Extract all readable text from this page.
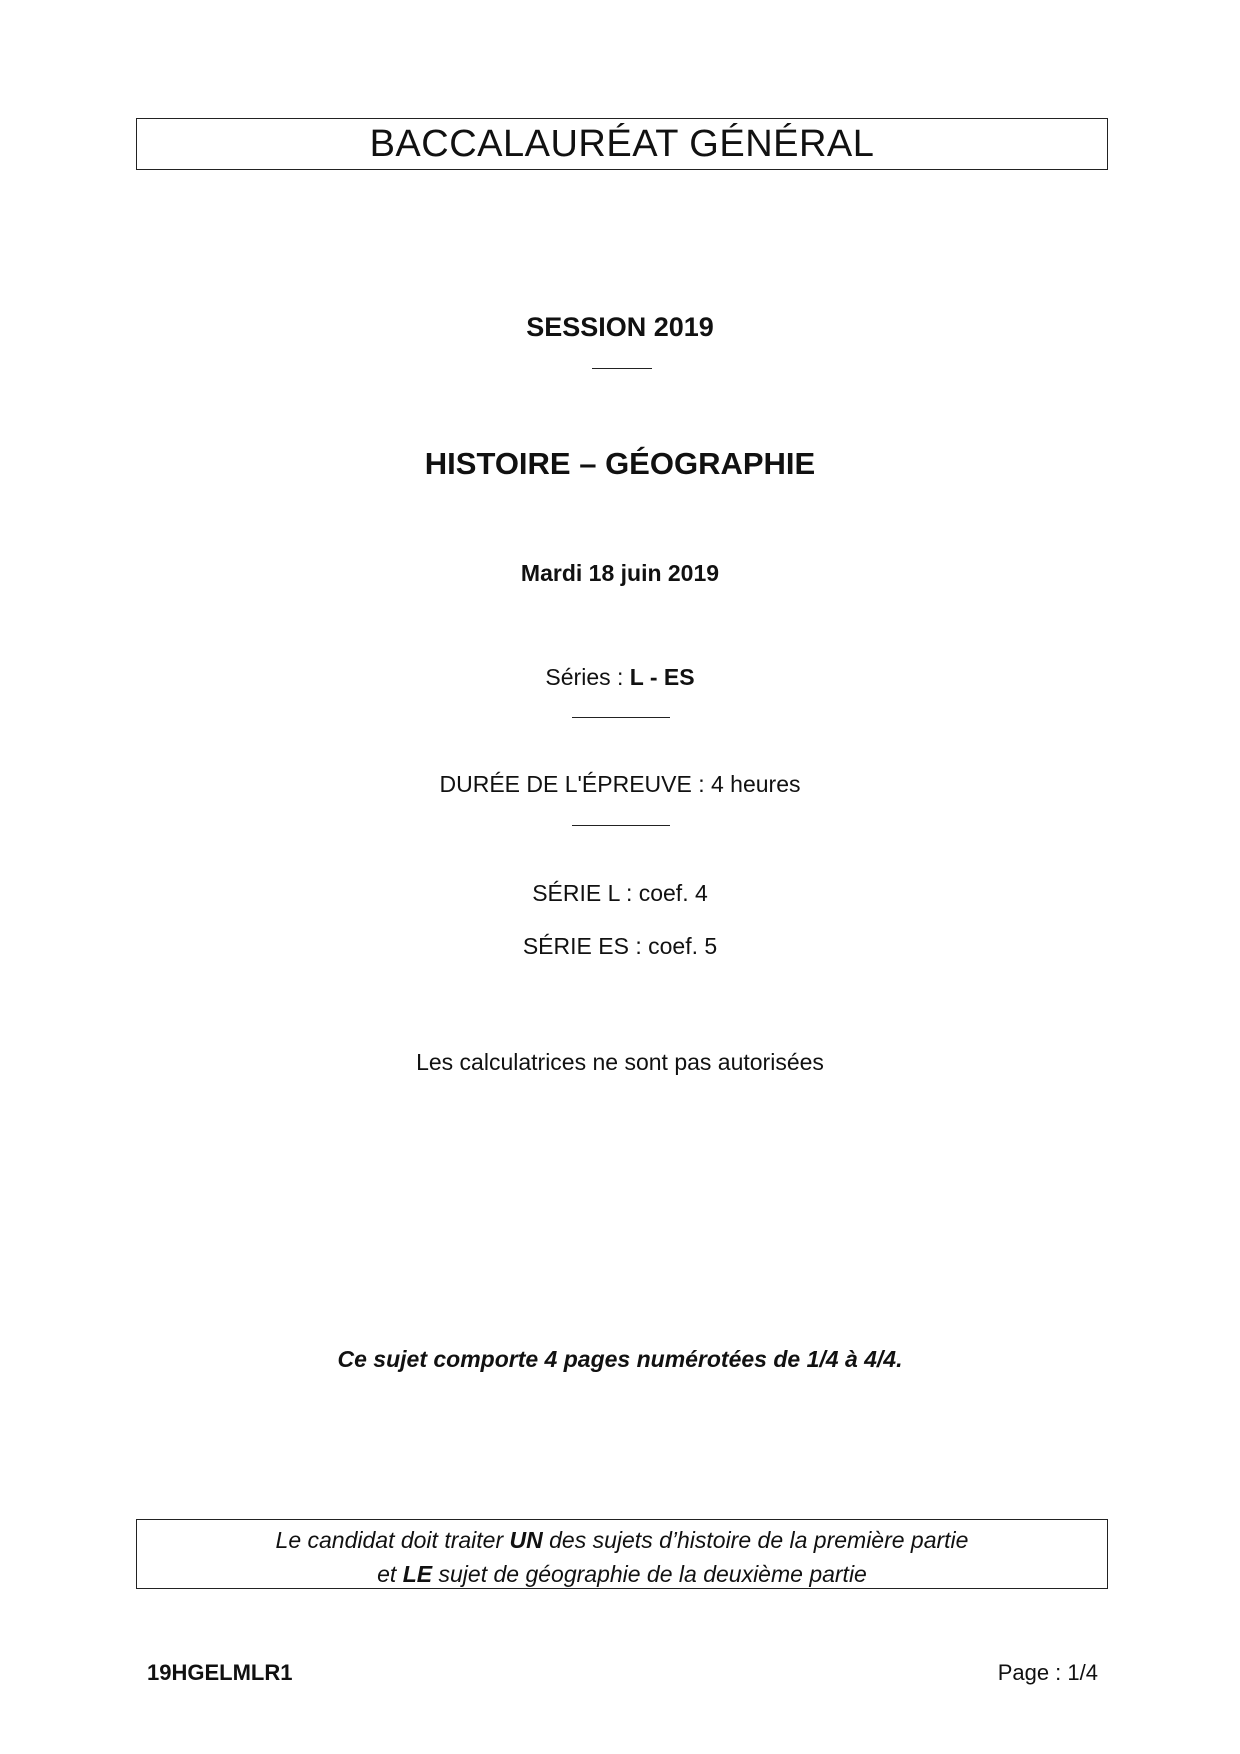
BACCALAURÉAT GÉNÉRAL
SESSION 2019
HISTOIRE – GÉOGRAPHIE
Mardi 18 juin 2019
Séries : L - ES
DURÉE DE L'ÉPREUVE : 4 heures
SÉRIE L : coef. 4
SÉRIE ES : coef. 5
Les calculatrices ne sont pas autorisées
Ce sujet comporte 4 pages numérotées de 1/4 à 4/4.
Le candidat doit traiter UN des sujets d’histoire de la première partie
et LE sujet de géographie de la deuxième partie
19HGELMLR1	Page : 1/4
